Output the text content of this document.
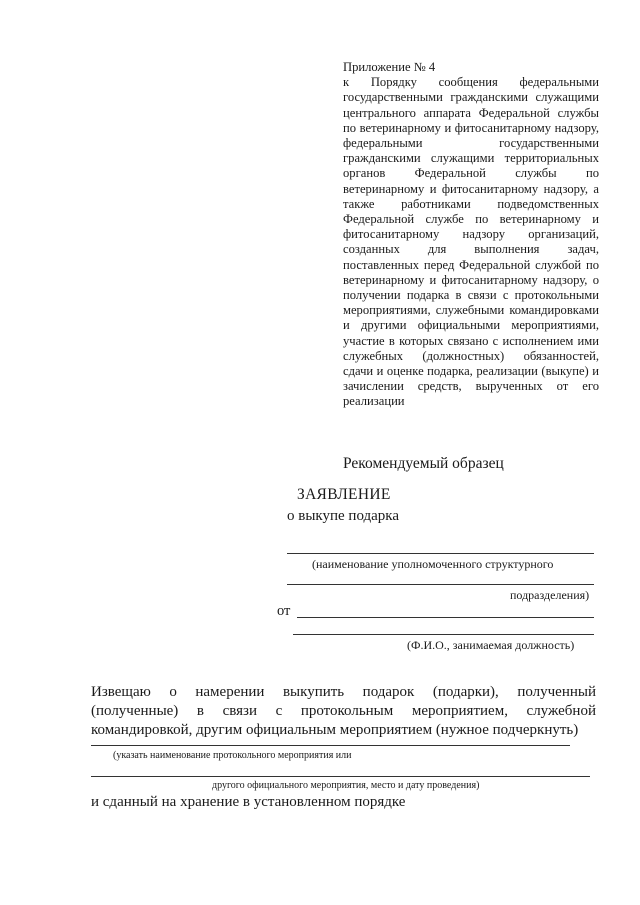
Приложение № 4
к Порядку сообщения федеральными государственными гражданскими служащими центрального аппарата Федеральной службы по ветеринарному и фитосанитарному надзору, федеральными государственными гражданскими служащими территориальных органов Федеральной службы по ветеринарному и фитосанитарному надзору, а также работниками подведомственных Федеральной службе по ветеринарному и фитосанитарному надзору организаций, созданных для выполнения задач, поставленных перед Федеральной службой по ветеринарному и фитосанитарному надзору, о получении подарка в связи с протокольными мероприятиями, служебными командировками и другими официальными мероприятиями, участие в которых связано с исполнением ими служебных (должностных) обязанностей, сдачи и оценке подарка, реализации (выкупе) и зачислении средств, вырученных от его реализации
Рекомендуемый образец
ЗАЯВЛЕНИЕ
о выкупе подарка
(наименование уполномоченного структурного
подразделения)
от
(Ф.И.О., занимаемая должность)
Извещаю о намерении выкупить подарок (подарки), полученный (полученные) в связи с протокольным мероприятием, служебной командировкой, другим официальным мероприятием (нужное подчеркнуть)
(указать наименование протокольного мероприятия или
другого официального мероприятия, место и дату проведения)
и сданный на хранение в установленном порядке
